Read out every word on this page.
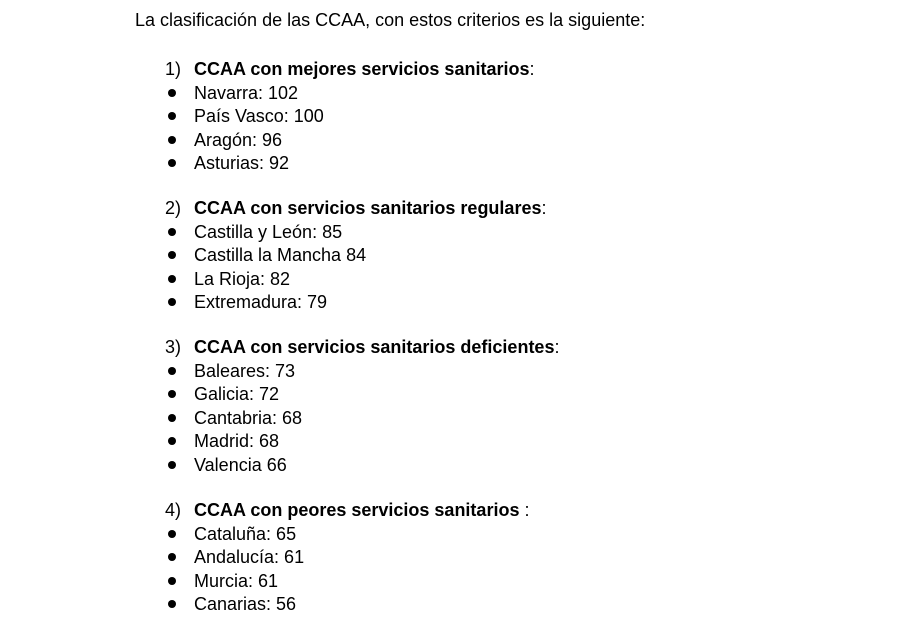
La clasificación de las CCAA, con estos criterios es la siguiente:
1) CCAA con mejores servicios sanitarios:
Navarra: 102
País Vasco: 100
Aragón: 96
Asturias: 92
2) CCAA con servicios sanitarios regulares:
Castilla y León: 85
Castilla la Mancha 84
La Rioja: 82
Extremadura: 79
3) CCAA con servicios sanitarios deficientes:
Baleares: 73
Galicia: 72
Cantabria: 68
Madrid: 68
Valencia 66
4) CCAA con peores servicios sanitarios :
Cataluña: 65
Andalucía: 61
Murcia: 61
Canarias: 56
